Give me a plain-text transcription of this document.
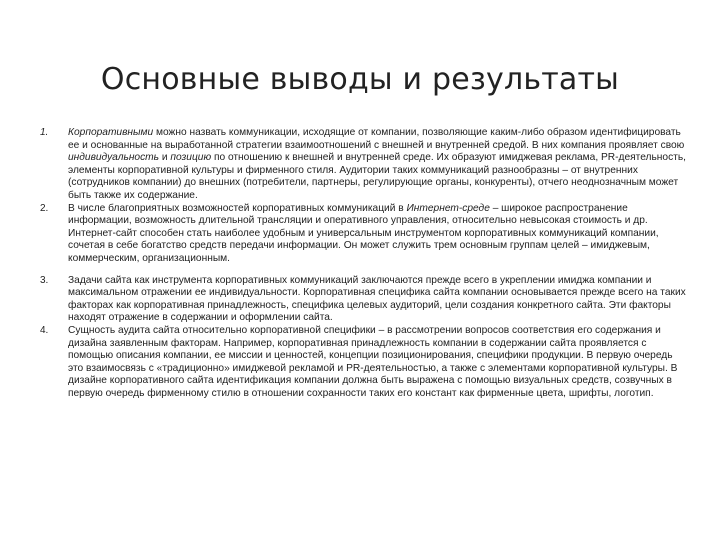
Основные выводы и результаты
1.	Корпоративными можно назвать коммуникации, исходящие от компании, позволяющие каким-либо образом идентифицировать ее и основанные на выработанной стратегии взаимоотношений с внешней и внутренней средой. В них компания проявляет свою индивидуальность и позицию по отношению к внешней и внутренней среде. Их образуют имиджевая реклама, PR-деятельность, элементы корпоративной культуры и фирменного стиля. Аудитории таких коммуникаций разнообразны – от внутренних (сотрудников компании) до внешних (потребители, партнеры, регулирующие органы, конкуренты), отчего неоднозначным может быть также их содержание.
2.	В числе благоприятных возможностей корпоративных коммуникаций в Интернет-среде – широкое распространение информации, возможность длительной трансляции и оперативного управления, относительно невысокая стоимость и др. Интернет-сайт способен стать наиболее удобным и универсальным инструментом корпоративных коммуникаций компании, сочетая в себе богатство средств передачи информации. Он может служить трем основным группам целей – имиджевым, коммерческим, организационным.
3.	Задачи сайта как инструмента корпоративных коммуникаций заключаются прежде всего в укреплении имиджа компании и максимальном отражении ее индивидуальности. Корпоративная специфика сайта компании основывается прежде всего на таких факторах как корпоративная принадлежность, специфика целевых аудиторий, цели создания конкретного сайта. Эти факторы находят отражение в содержании и оформлении сайта.
4.	Сущность аудита сайта относительно корпоративной специфики – в рассмотрении вопросов соответствия его содержания и дизайна заявленным факторам. Например, корпоративная принадлежность компании в содержании сайта проявляется с помощью описания компании, ее миссии и ценностей, концепции позиционирования, специфики продукции. В первую очередь это взаимосвязь с «традиционно» имиджевой рекламой и PR-деятельностью, а также с элементами корпоративной культуры. В дизайне корпоративного сайта идентификация компании должна быть выражена с помощью визуальных средств, созвучных в первую очередь фирменному стилю в отношении сохранности таких его констант как фирменные цвета, шрифты, логотип.
